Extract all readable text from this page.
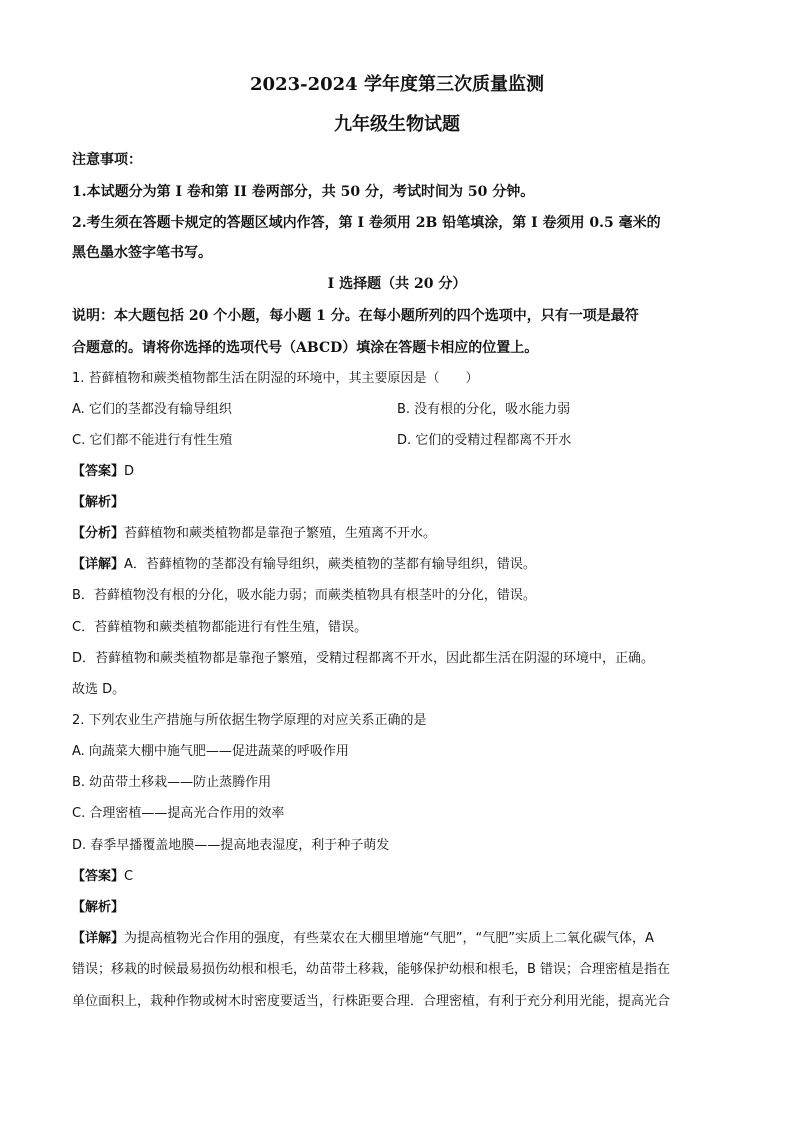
2023-2024 学年度第三次质量监测
九年级生物试题
注意事项：
1.本试题分为第 I 卷和第 II 卷两部分，共 50 分，考试时间为 50 分钟。
2.考生须在答题卡规定的答题区域内作答，第 I 卷须用 2B 铅笔填涂，第 I 卷须用 0.5 毫米的
黑色墨水签字笔书写。
I 选择题（共 20 分）
说明：本大题包括 20 个小题，每小题 1 分。在每小题所列的四个选项中，只有一项是最符
合题意的。请将你选择的选项代号（ABCD）填涂在答题卡相应的位置上。
1. 苔藓植物和蕨类植物都生活在阴湿的环境中，其主要原因是（　　）
A. 它们的茎都没有输导组织	B. 没有根的分化，吸水能力弱
C. 它们都不能进行有性生殖	D. 它们的受精过程都离不开水
【答案】D
【解析】
【分析】苔藓植物和蕨类植物都是靠孢子繁殖，生殖离不开水。
【详解】A．苔藓植物的茎都没有输导组织，蕨类植物的茎都有输导组织，错误。
B．苔藓植物没有根的分化，吸水能力弱；而蕨类植物具有根茎叶的分化，错误。
C．苔藓植物和蕨类植物都能进行有性生殖，错误。
D．苔藓植物和蕨类植物都是靠孢子繁殖，受精过程都离不开水，因此都生活在阴湿的环境中，正确。
故选 D。
2. 下列农业生产措施与所依据生物学原理的对应关系正确的是
A. 向蔬菜大棚中施气肥——促进蔬菜的呼吸作用
B. 幼苗带土移栽——防止蒸腾作用
C. 合理密植——提高光合作用的效率
D. 春季早播覆盖地膜——提高地表湿度，利于种子萌发
【答案】C
【解析】
【详解】为提高植物光合作用的强度，有些菜农在大棚里增施“气肥”，“气肥”实质上二氧化碳气体，A
错误；移栽的时候最易损伤幼根和根毛，幼苗带土移栽，能够保护幼根和根毛，B 错误；合理密植是指在
单位面积上，栽种作物或树木时密度要适当，行株距要合理．合理密植，有利于充分利用光能，提高光合
